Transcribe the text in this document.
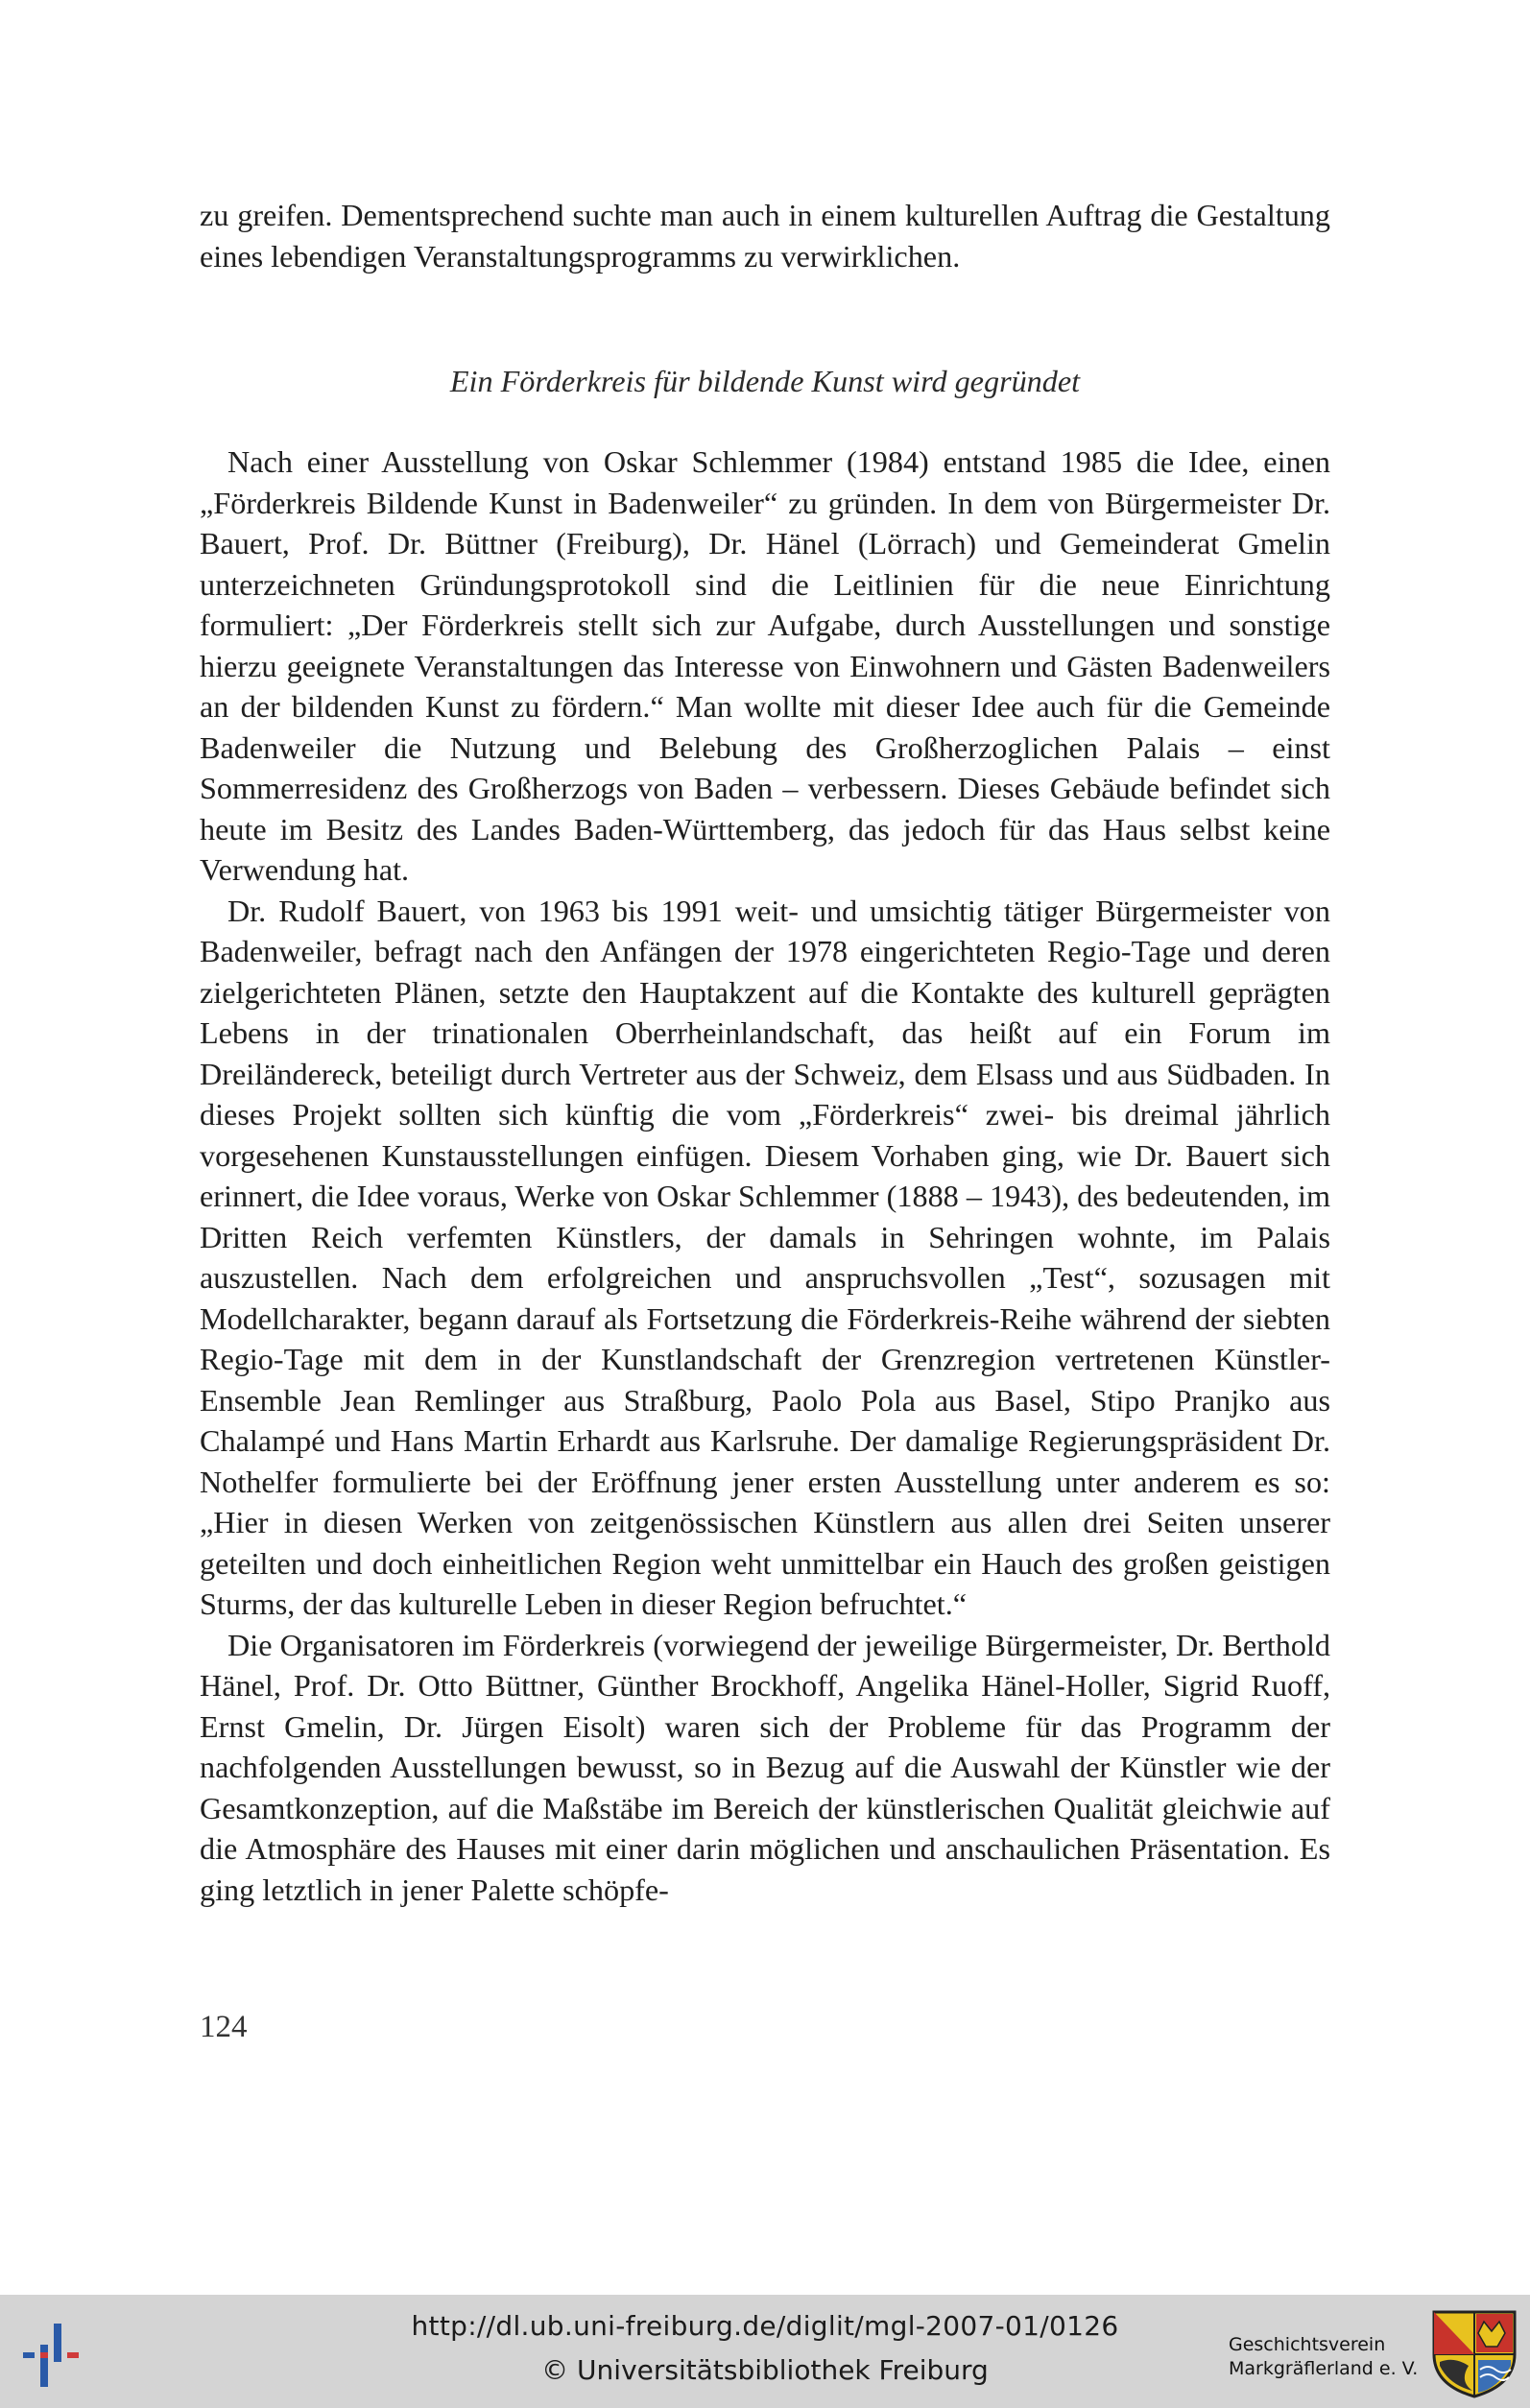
zu greifen. Dementsprechend suchte man auch in einem kulturellen Auftrag die Gestaltung eines lebendigen Veranstaltungsprogramms zu verwirklichen.

Ein Förderkreis für bildende Kunst wird gegründet

Nach einer Ausstellung von Oskar Schlemmer (1984) entstand 1985 die Idee, einen „Förderkreis Bildende Kunst in Badenweiler“ zu gründen. In dem von Bürgermeister Dr. Bauert, Prof. Dr. Büttner (Freiburg), Dr. Hänel (Lörrach) und Gemeinderat Gmelin unterzeichneten Gründungsprotokoll sind die Leitlinien für die neue Einrichtung formuliert: „Der Förderkreis stellt sich zur Aufgabe, durch Ausstellungen und sonstige hierzu geeignete Veranstaltungen das Interesse von Einwohnern und Gästen Badenweilers an der bildenden Kunst zu fördern.“ Man wollte mit dieser Idee auch für die Gemeinde Badenweiler die Nutzung und Belebung des Großherzoglichen Palais – einst Sommerresidenz des Großherzogs von Baden – verbessern. Dieses Gebäude befindet sich heute im Besitz des Landes Baden-Württemberg, das jedoch für das Haus selbst keine Verwendung hat.

Dr. Rudolf Bauert, von 1963 bis 1991 weit- und umsichtig tätiger Bürgermeister von Badenweiler, befragt nach den Anfängen der 1978 eingerichteten Regio-Tage und deren zielgerichteten Plänen, setzte den Hauptakzent auf die Kontakte des kulturell geprägten Lebens in der trinationalen Oberrheinlandschaft, das heißt auf ein Forum im Dreiländereck, beteiligt durch Vertreter aus der Schweiz, dem Elsass und aus Südbaden. In dieses Projekt sollten sich künftig die vom „Förderkreis“ zwei- bis dreimal jährlich vorgesehenen Kunstausstellungen einfügen. Diesem Vorhaben ging, wie Dr. Bauert sich erinnert, die Idee voraus, Werke von Oskar Schlemmer (1888 – 1943), des bedeutenden, im Dritten Reich verfemten Künstlers, der damals in Sehringen wohnte, im Palais auszustellen. Nach dem erfolgreichen und anspruchsvollen „Test“, sozusagen mit Modellcharakter, begann darauf als Fortsetzung die Förderkreis-Reihe während der siebten Regio-Tage mit dem in der Kunstlandschaft der Grenzregion vertretenen Künstler-Ensemble Jean Remlinger aus Straßburg, Paolo Pola aus Basel, Stipo Pranjko aus Chalampé und Hans Martin Erhardt aus Karlsruhe. Der damalige Regierungspräsident Dr. Nothelfer formulierte bei der Eröffnung jener ersten Ausstellung unter anderem es so: „Hier in diesen Werken von zeitgenössischen Künstlern aus allen drei Seiten unserer geteilten und doch einheitlichen Region weht unmittelbar ein Hauch des großen geistigen Sturms, der das kulturelle Leben in dieser Region befruchtet.“

Die Organisatoren im Förderkreis (vorwiegend der jeweilige Bürgermeister, Dr. Berthold Hänel, Prof. Dr. Otto Büttner, Günther Brockhoff, Angelika Hänel-Holler, Sigrid Ruoff, Ernst Gmelin, Dr. Jürgen Eisolt) waren sich der Probleme für das Programm der nachfolgenden Ausstellungen bewusst, so in Bezug auf die Auswahl der Künstler wie der Gesamtkonzeption, auf die Maßstäbe im Bereich der künstlerischen Qualität gleichwie auf die Atmosphäre des Hauses mit einer darin möglichen und anschaulichen Präsentation. Es ging letztlich in jener Palette schöpfe-

124
http://dl.ub.uni-freiburg.de/diglit/mgl-2007-01/0126
© Universitätsbibliothek Freiburg
Geschichtsverein
Markgräflerland e. V.
